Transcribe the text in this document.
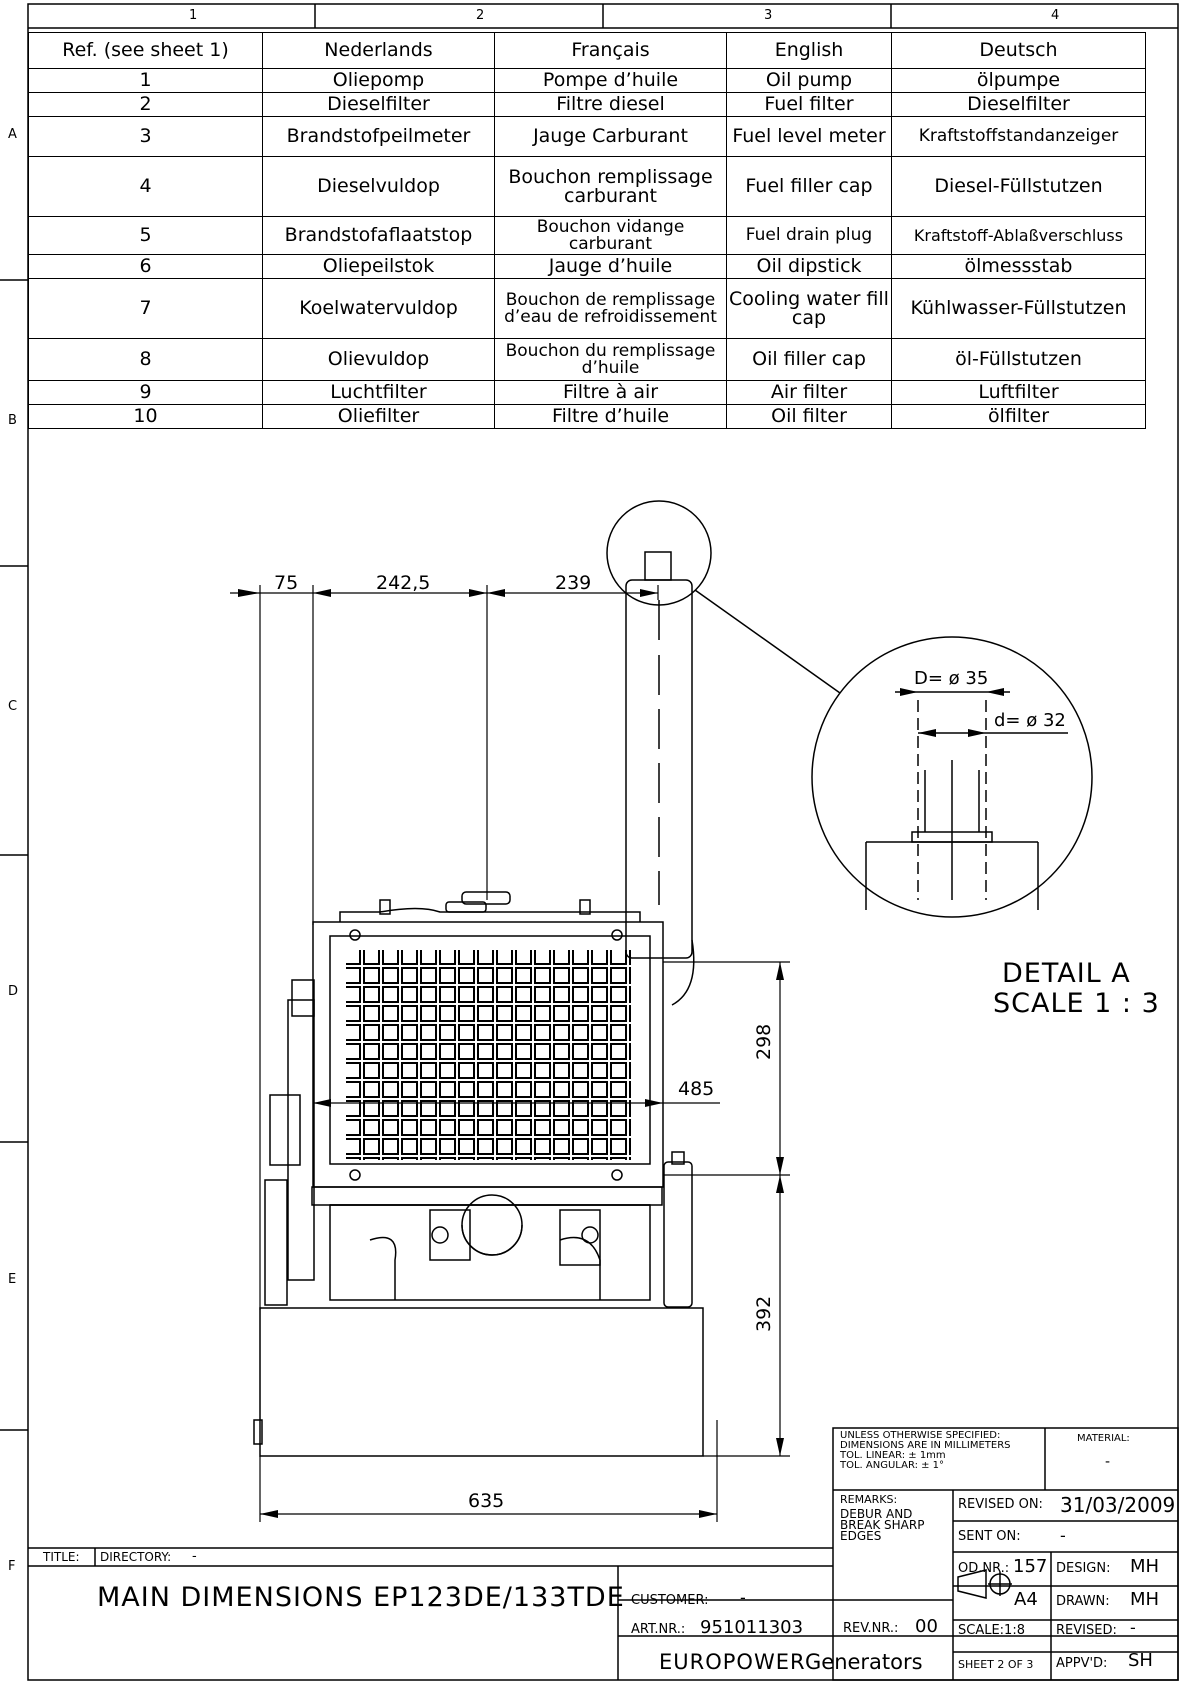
1	2	3	4
A
B
C
D
E
F
Ref. (see sheet 1)	Nederlands	Français	English	Deutsch
1	Oliepomp	Pompe d’huile	Oil pump	ölpumpe
2	Dieselfilter	Filtre diesel	Fuel filter	Dieselfilter
3	Brandstofpeilmeter	Jauge Carburant	Fuel level meter	Kraftstoffstandanzeiger
4	Dieselvuldop	Bouchon remplissage carburant	Fuel filler cap	Diesel-Füllstutzen
5	Brandstofaflaatstop	Bouchon vidange carburant	Fuel drain plug	Kraftstoff-Ablaßverschluss
6	Oliepeilstok	Jauge d’huile	Oil dipstick	ölmessstab
7	Koelwatervuldop	Bouchon de remplissage d’eau de refroidissement	Cooling water fill cap	Kühlwasser-Füllstutzen
8	Olievuldop	Bouchon du remplissage d’huile	Oil filler cap	öl-Füllstutzen
9	Luchtfilter	Filtre à air	Air filter	Luftfilter
10	Oliefilter	Filtre d’huile	Oil filter	ölfilter
75	242,5	239
485
298
392
635
D= ø 35
d= ø 32
DETAIL A
SCALE 1 : 3
UNLESS OTHERWISE SPECIFIED:
DIMENSIONS ARE IN MILLIMETERS
TOL. LINEAR: ± 1mm
TOL. ANGULAR: ± 1°
MATERIAL:
-
REMARKS:
DEBUR AND BREAK SHARP EDGES
REVISED ON: 31/03/2009
SENT ON: -
OD.NR.: 157 DESIGN: MH
A4 DRAWN: MH
REV.NR.: 00 SCALE:1:8 REVISED: -
SHEET 2 OF 3 APPV'D: SH
TITLE: DIRECTORY: -
MAIN DIMENSIONS EP123DE/133TDE CUSTOMER: -
ART.NR.: 951011303
EUROPOWER Generators
